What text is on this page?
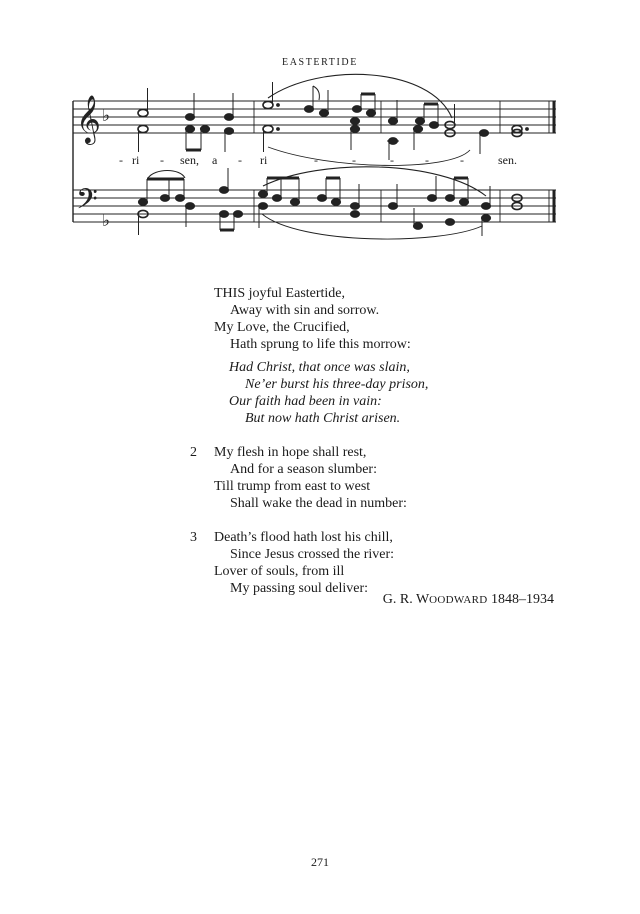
EASTERTIDE
𝄞
𝄢
♭
♭
- ri - sen, a - ri	-	-	-	-	-	sen.
THIS joyful Eastertide,
Away with sin and sorrow.
My Love, the Crucified,
Hath sprung to life this morrow:
Had Christ, that once was slain,
Ne’er burst his three-day prison,
Our faith had been in vain:
But now hath Christ arisen.
2 My flesh in hope shall rest,
And for a season slumber:
Till trump from east to west
Shall wake the dead in number:
3 Death’s flood hath lost his chill,
Since Jesus crossed the river:
Lover of souls, from ill
My passing soul deliver:
G. R. WOODWARD 1848–1934
271
